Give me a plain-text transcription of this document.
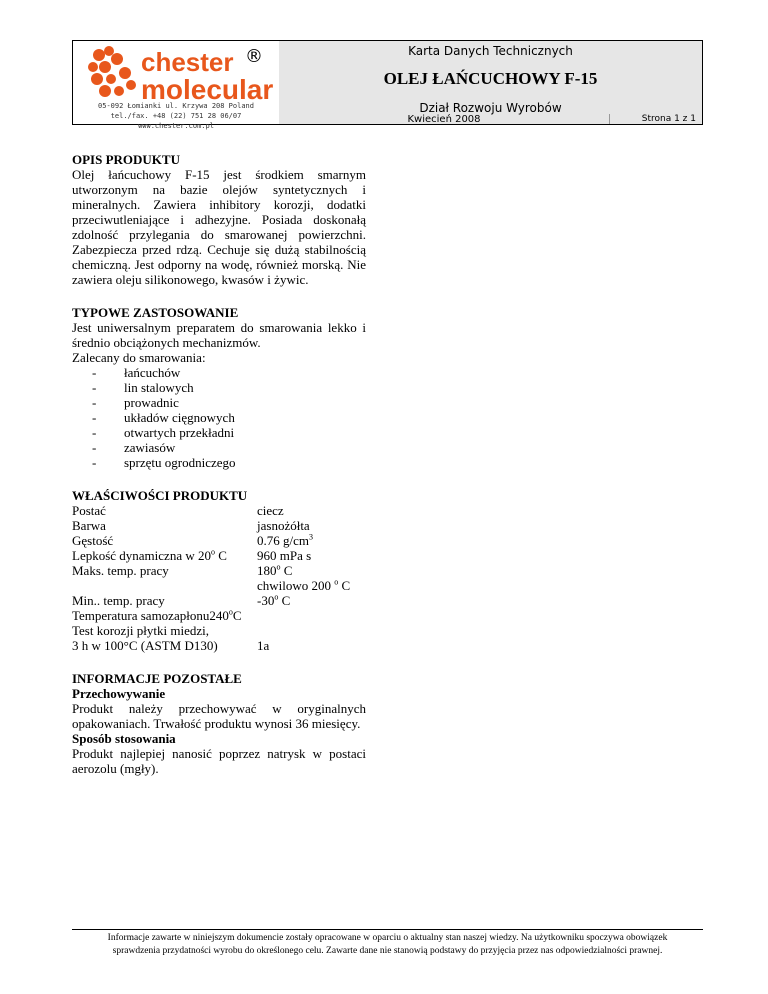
chester
molecular
®
05-092 Łomianki ul. Krzywa 208 Poland
tel./fax. +48 (22) 751 28 06/07 www.chester.com.pl
Karta Danych Technicznych
OLEJ ŁAŃCUCHOWY F-15
Dział Rozwoju Wyrobów
Kwiecień 2008	Strona 1 z 1
OPIS PRODUKTU
Olej łańcuchowy F-15 jest środkiem smarnym utworzonym na bazie olejów syntetycznych i mineralnych. Zawiera inhibitory korozji, dodatki przeciwutleniające i adhezyjne. Posiada doskonałą zdolność przylegania do smarowanej powierzchni. Zabezpiecza przed rdzą. Cechuje się dużą stabilnością chemiczną. Jest odporny na wodę, również morską. Nie zawiera oleju silikonowego, kwasów i żywic.
TYPOWE ZASTOSOWANIE
Jest uniwersalnym preparatem do smarowania lekko i średnio obciążonych mechanizmów.
Zalecany do smarowania:
- łańcuchów
- lin stalowych
- prowadnic
- układów cięgnowych
- otwartych przekładni
- zawiasów
- sprzętu ogrodniczego
WŁAŚCIWOŚCI PRODUKTU
Postać	ciecz
Barwa	jasnożółta
Gęstość	0.76 $g/cm^3$
Lepkość dynamiczna w 20$^o$ C	960 mPa s
Maks. temp. pracy	180$^o$ C
chwilowo 200 $^o$ C
Min.. temp. pracy	-30$^o$ C
Temperatura samozapłonu240$^o$C
Test korozji płytki miedzi,
3 h w 100°C (ASTM D130)	1a
INFORMACJE POZOSTAŁE
Przechowywanie
Produkt należy przechowywać w oryginalnych opakowaniach. Trwałość produktu wynosi 36 miesięcy.
Sposób stosowania
Produkt najlepiej nanosić poprzez natrysk w postaci aerozolu (mgły).
Informacje zawarte w niniejszym dokumencie zostały opracowane w oparciu o aktualny stan naszej wiedzy. Na użytkowniku spoczywa obowiązek
sprawdzenia przydatności wyrobu do określonego celu. Zawarte dane nie stanowią podstawy do przyjęcia przez nas odpowiedzialności prawnej.
